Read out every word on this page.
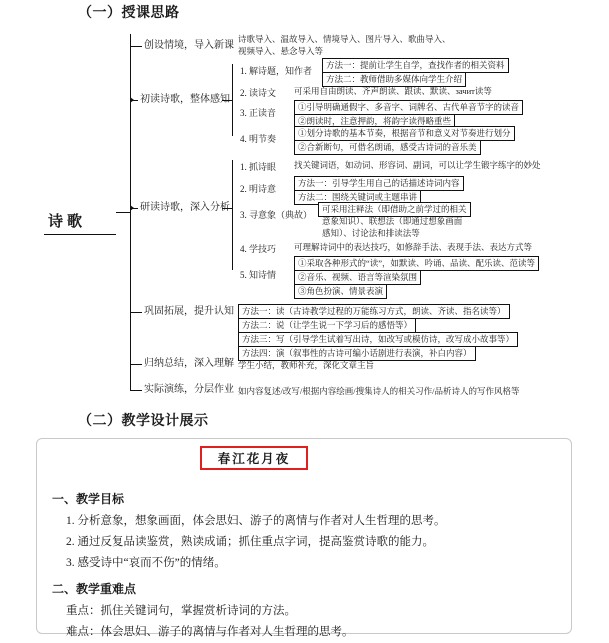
（一）授课思路
诗歌
创设情境，导入新课
诗歌导入、温故导入、情境导入、图片导入、歌曲导入、
视频导入、悬念导入等
初读诗歌，整体感知
1. 解诗题，知作者
方法一：提前让学生自学，查找作者的相关资料
方法二：教师借助多媒体向学生介绍
2. 读诗文 可采用自由朗读、齐声朗读、跟读、默读、зачит读等
3. 正读音
①引导明确通假字、多音字、词牌名、古代单音节字的读音
②朗读时，注意押韵，将韵字读得略重些
4. 明节奏
①划分诗歌的基本节奏，根据音节和意义对节奏进行划分
②合新断句，可借名朗诵，感受古诗词的音乐美
研读诗歌，深入分析
1. 抓诗眼 找关键词语，如动词、形容词、副词，可以让学生锻字练字的妙处
2. 明诗意
方法一：引导学生用自己的话描述诗词内容
方法二：围绕关键词或主题串讲
3. 寻意象（典故）
可采用注释法（即借助之前学过的相关
意象知识）、联想法（即通过想象画面
感知）、讨论法和排读法等
4. 学技巧 可理解诗词中的表达技巧，如修辞手法、表现手法、表达方式等
5. 知诗情
①采取各种形式的“读”，如默读、吟诵、品读、配乐读、范读等
②音乐、视频、语言等渲染氛围
③角色扮演、情景表演
巩固拓展，提升认知 方法一：读（古诗教学过程的万能练习方式，朗读、齐读、指名读等）
方法二：说（让学生说一下学习后的感悟等）
方法三：写（引导学生试着写出诗，如改写或模仿诗，改写成小故事等）
方法四：演（叙事性的古诗可编小话剧进行表演，补白内容）
归纳总结，深入理解 学生小结，教师补充，深化文章主旨
实际演练，分层作业 如内容复述/改写/根据内容绘画/搜集诗人的相关习作/品析诗人的写作风格等
（二）教学设计展示
春江花月夜
一、教学目标
1. 分析意象，想象画面，体会思妇、游子的离情与作者对人生哲理的思考。
2. 通过反复品读鉴赏，熟读成诵；抓住重点字词，提高鉴赏诗歌的能力。
3. 感受诗中“哀而不伤”的情绪。
二、教学重难点
重点：抓住关键词句，掌握赏析诗词的方法。
难点：体会思妇、游子的离情与作者对人生哲理的思考。
